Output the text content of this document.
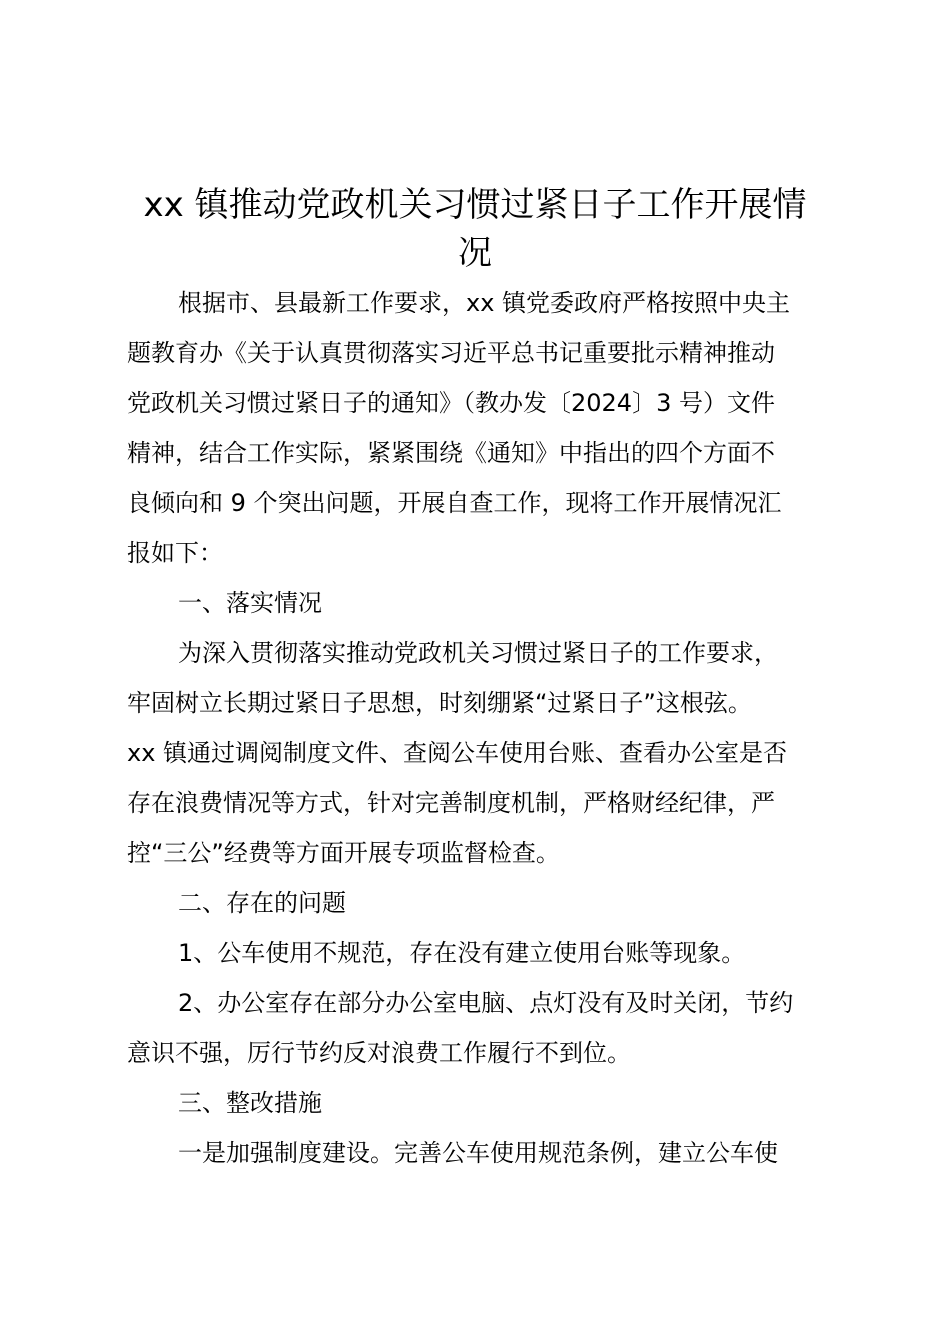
xx 镇推动党政机关习惯过紧日子工作开展情
况
根据市、县最新工作要求，xx 镇党委政府严格按照中央主
题教育办《关于认真贯彻落实习近平总书记重要批示精神推动
党政机关习惯过紧日子的通知》（教办发〔2024〕3 号）文件
精神，结合工作实际，紧紧围绕《通知》中指出的四个方面不
良倾向和 9 个突出问题，开展自查工作，现将工作开展情况汇
报如下：
一、落实情况
为深入贯彻落实推动党政机关习惯过紧日子的工作要求，
牢固树立长期过紧日子思想，时刻绷紧“过紧日子”这根弦。
xx 镇通过调阅制度文件、查阅公车使用台账、查看办公室是否
存在浪费情况等方式，针对完善制度机制，严格财经纪律，严
控“三公”经费等方面开展专项监督检查。
二、存在的问题
1、公车使用不规范，存在没有建立使用台账等现象。
2、办公室存在部分办公室电脑、点灯没有及时关闭，节约
意识不强，厉行节约反对浪费工作履行不到位。
三、整改措施
一是加强制度建设。完善公车使用规范条例，建立公车使
